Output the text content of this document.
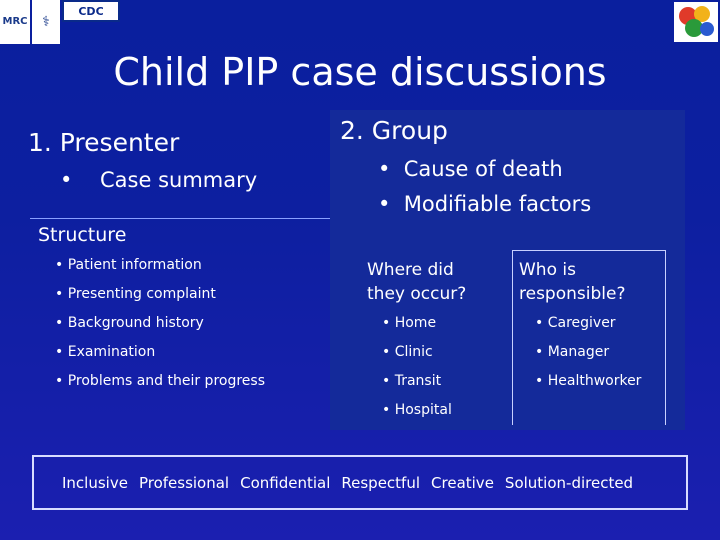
MRC	⚕
CDC
Child PIP case discussions
1. Presenter
• Case summary
Structure
• Patient information
• Presenting complaint
• Background history
• Examination
• Problems and their progress
2. Group
• Cause of death
• Modifiable factors
Where did
they occur?
Who is
responsible?
• Home
• Clinic
• Transit
• Hospital
• Caregiver
• Manager
• Healthworker
Inclusive Professional Confidential Respectful Creative Solution-directed
